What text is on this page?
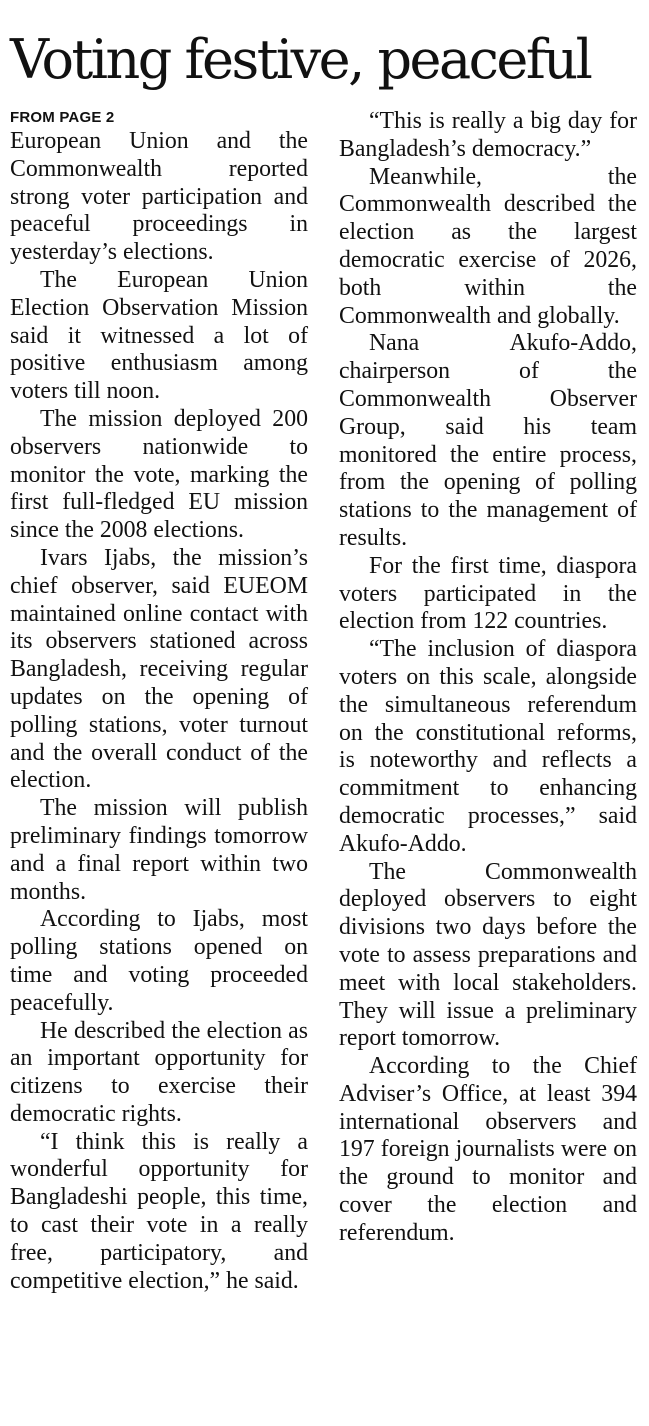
Voting festive, peaceful
FROM PAGE 2

European Union and the Commonwealth reported strong voter participation and peaceful proceedings in yesterday’s elections.

The European Union Election Observation Mission said it witnessed a lot of positive enthusiasm among voters till noon.

The mission deployed 200 observers nationwide to monitor the vote, marking the first full-fledged EU mission since the 2008 elections.

Ivars Ijabs, the mission’s chief observer, said EUEOM maintained online contact with its observers stationed across Bangladesh, receiving regular updates on the opening of polling stations, voter turnout and the overall conduct of the election.

The mission will publish preliminary findings tomorrow and a final report within two months.

According to Ijabs, most polling stations opened on time and voting proceeded peacefully.

He described the election as an important opportunity for citizens to exercise their democratic rights.

“I think this is really a wonderful opportunity for Bangladeshi people, this time, to cast their vote in a really free, participatory, and competitive election,” he said.

“This is really a big day for Bangladesh’s democracy.”

Meanwhile, the Commonwealth described the election as the largest democratic exercise of 2026, both within the Commonwealth and globally.

Nana Akufo-Addo, chairperson of the Commonwealth Observer Group, said his team monitored the entire process, from the opening of polling stations to the management of results.

For the first time, diaspora voters participated in the election from 122 countries.

“The inclusion of diaspora voters on this scale, alongside the simultaneous referendum on the constitutional reforms, is noteworthy and reflects a commitment to enhancing democratic processes,” said Akufo-Addo.

The Commonwealth deployed observers to eight divisions two days before the vote to assess preparations and meet with local stakeholders. They will issue a preliminary report tomorrow.

According to the Chief Adviser’s Office, at least 394 international observers and 197 foreign journalists were on the ground to monitor and cover the election and referendum.
